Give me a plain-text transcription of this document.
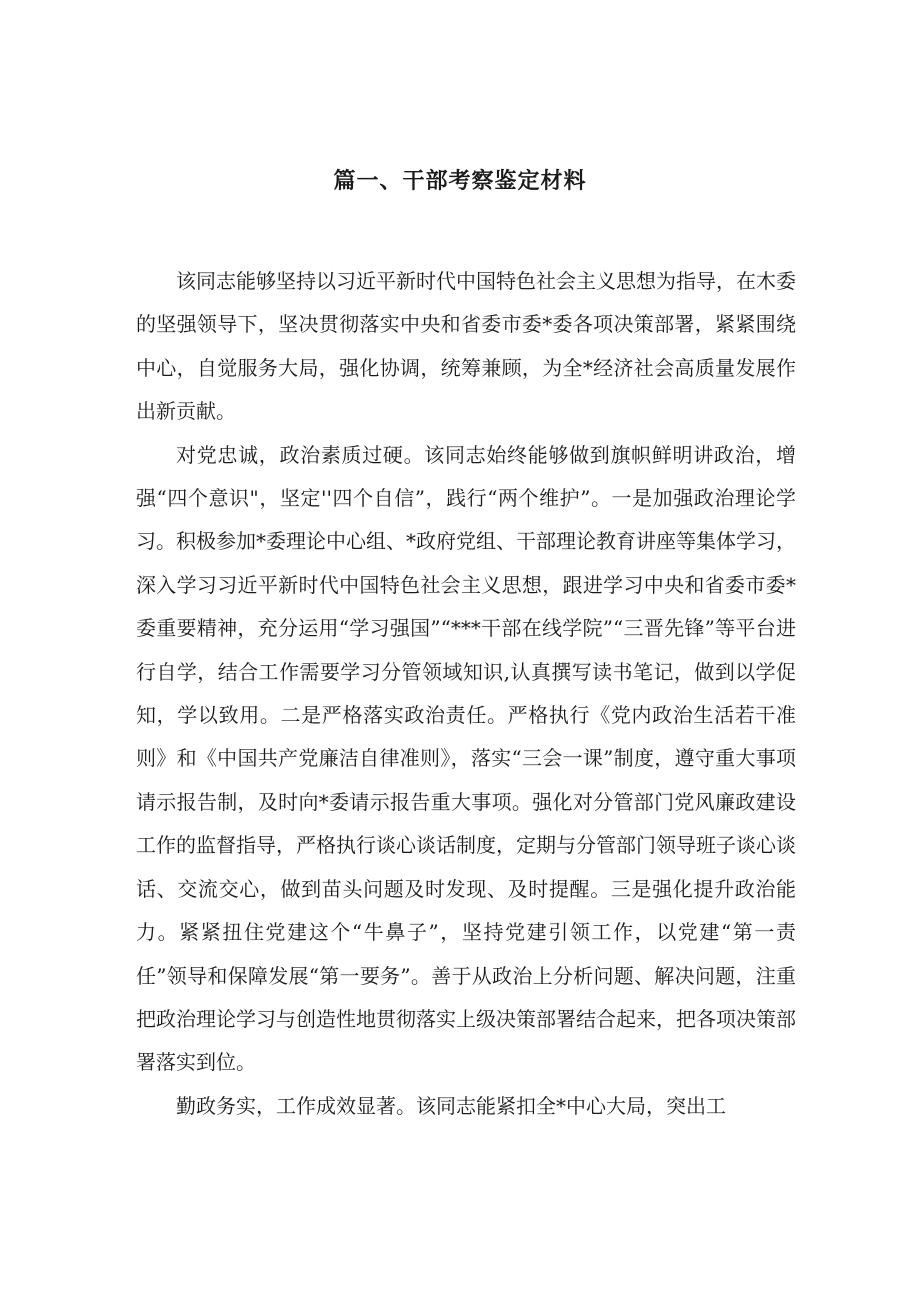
篇一、干部考察鉴定材料

该同志能够坚持以习近平新时代中国特色社会主义思想为指导，在木委的坚强领导下，坚决贯彻落实中央和省委市委*委各项决策部署，紧紧围绕中心，自觉服务大局，强化协调，统筹兼顾，为全*经济社会高质量发展作出新贡献。

对党忠诚，政治素质过硬。该同志始终能够做到旗帜鲜明讲政治，增强“四个意识"，坚定''四个自信”，践行“两个维护”。一是加强政治理论学习。积极参加*委理论中心组、*政府党组、干部理论教育讲座等集体学习，深入学习习近平新时代中国特色社会主义思想，跟进学习中央和省委市委*委重要精神，充分运用“学习强国”“***干部在线学院”“三晋先锋”等平台进行自学，结合工作需要学习分管领域知识,认真撰写读书笔记，做到以学促知，学以致用。二是严格落实政治责任。严格执行《党内政治生活若干准则》和《中国共产党廉洁自律准则》，落实“三会一课”制度，遵守重大事项请示报告制，及时向*委请示报告重大事项。强化对分管部门党风廉政建设工作的监督指导，严格执行谈心谈话制度，定期与分管部门领导班子谈心谈话、交流交心，做到苗头问题及时发现、及时提醒。三是强化提升政治能力。紧紧扭住党建这个“牛鼻子”，坚持党建引领工作，以党建“第一责任”领导和保障发展“第一要务”。善于从政治上分析问题、解决问题，注重把政治理论学习与创造性地贯彻落实上级决策部署结合起来，把各项决策部署落实到位。

勤政务实，工作成效显著。该同志能紧扣全*中心大局，突出工
